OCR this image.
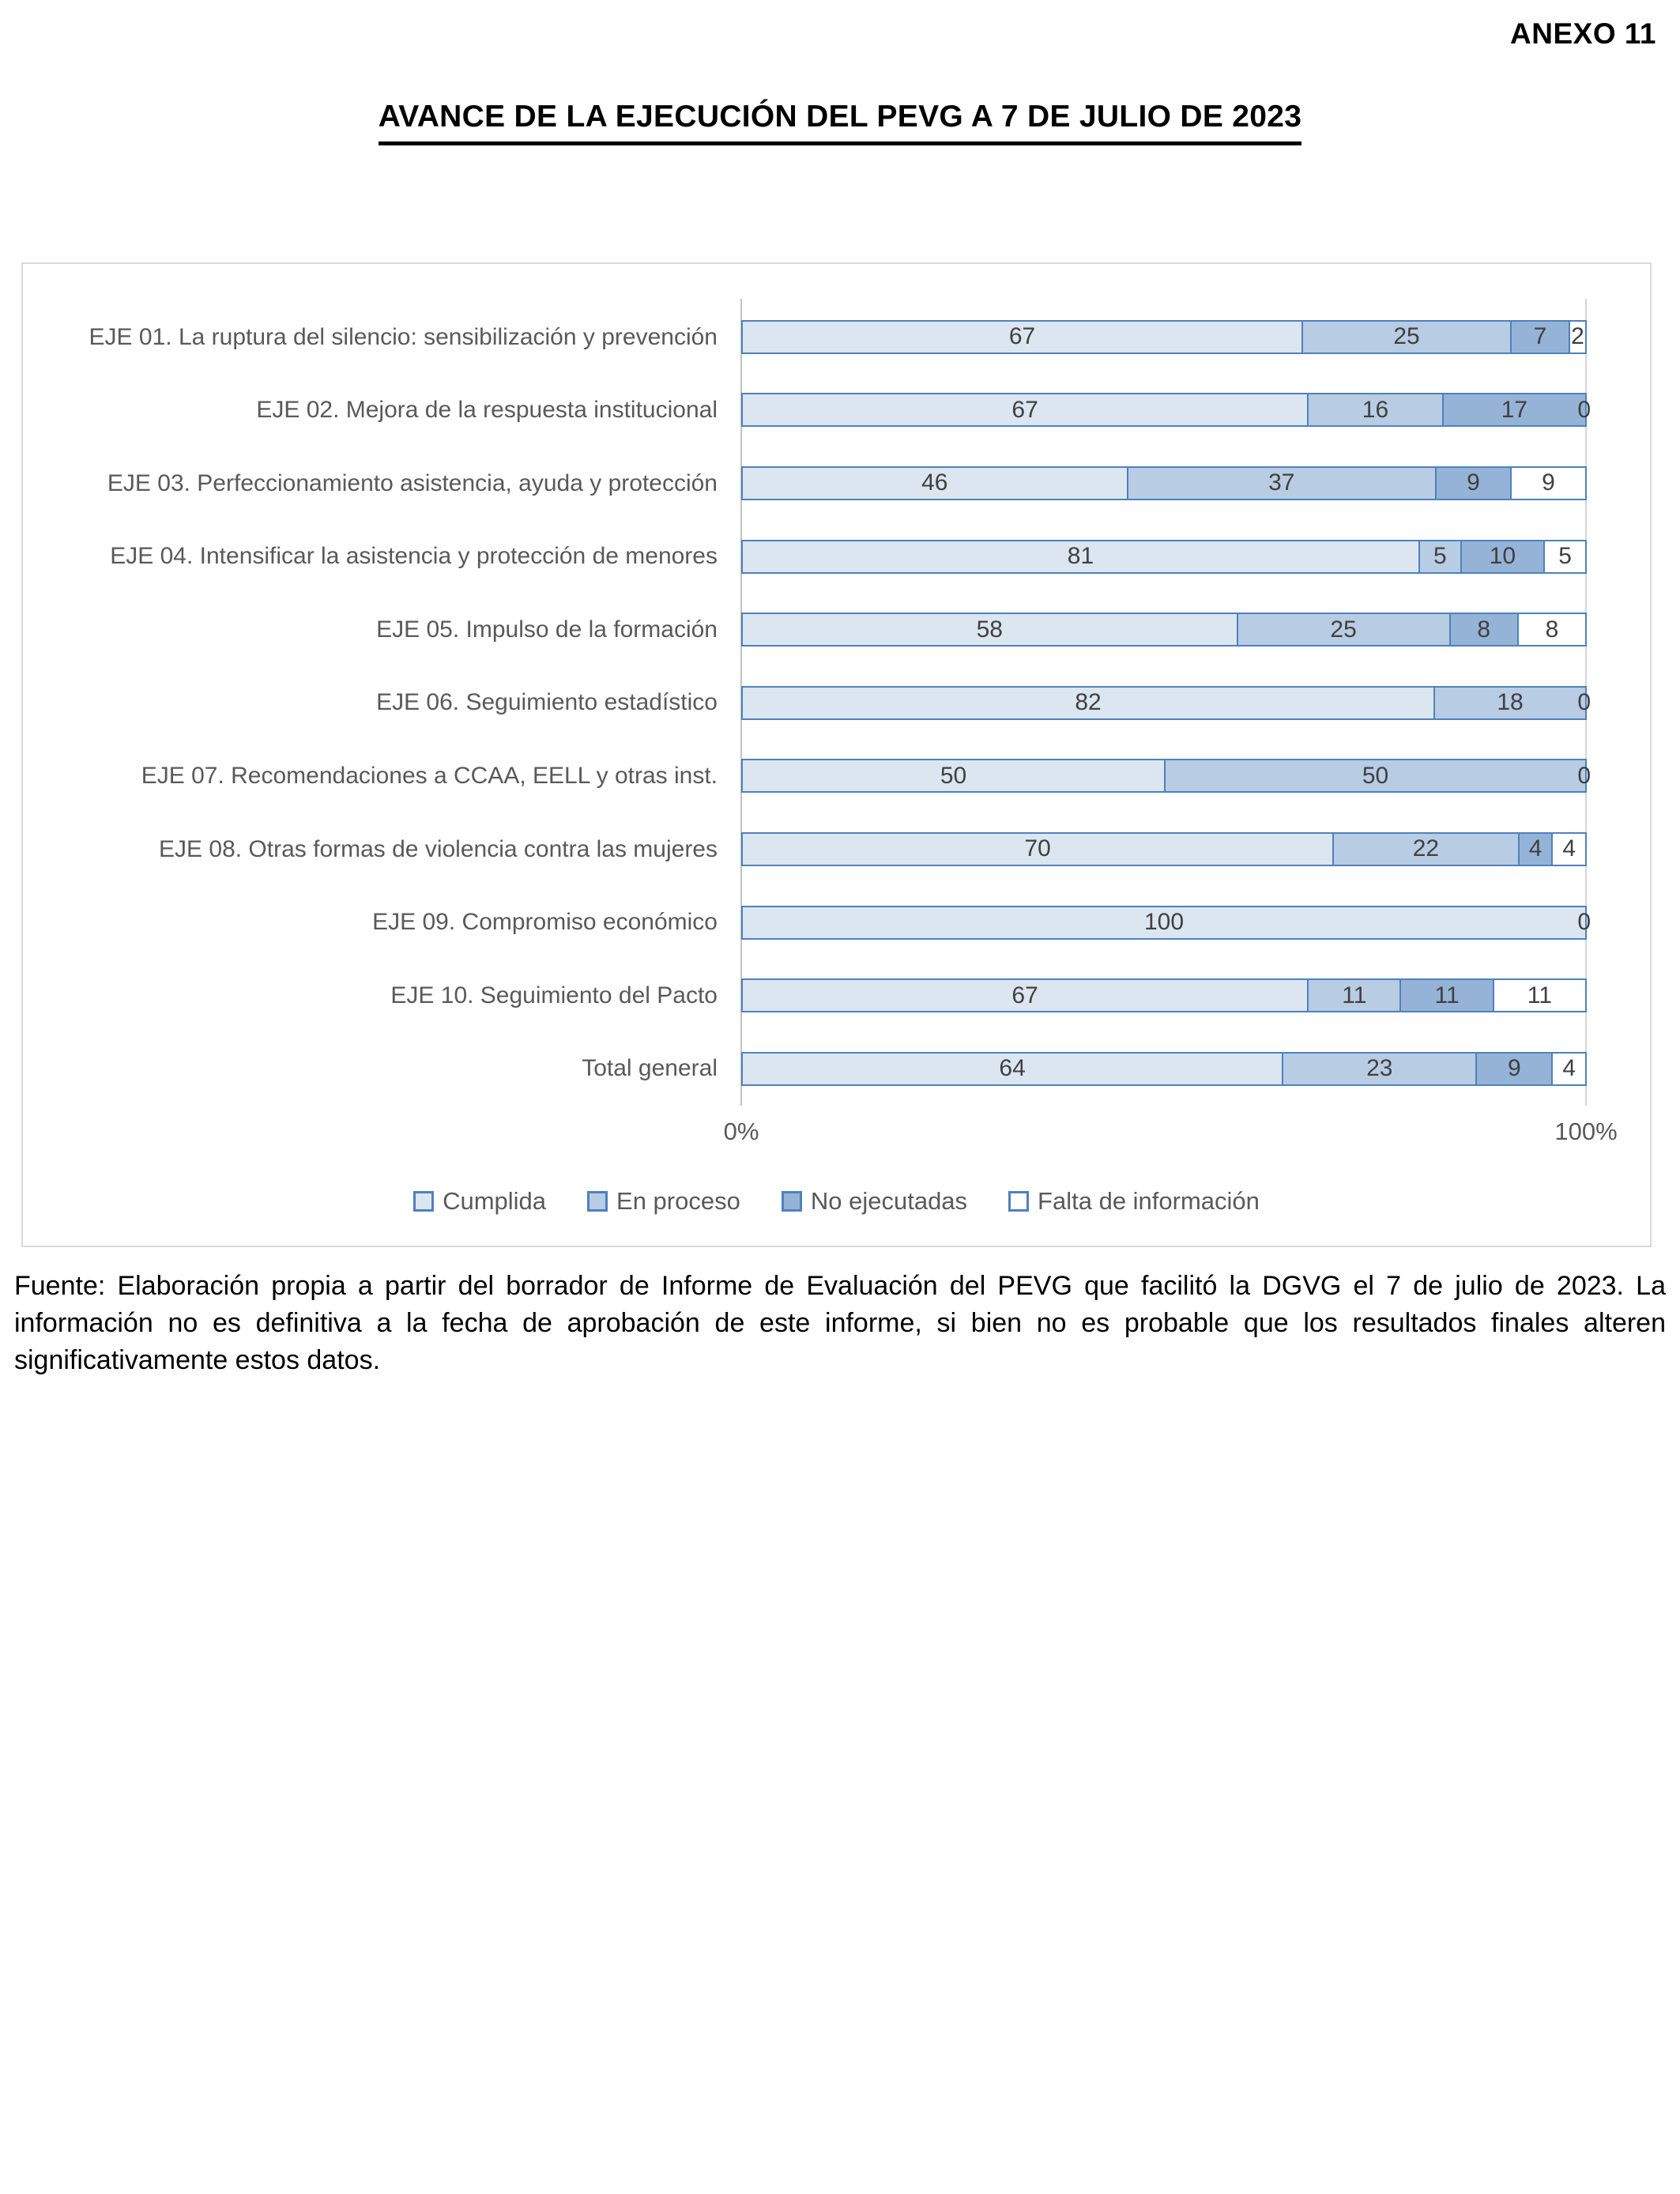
ANEXO 11
AVANCE DE LA EJECUCIÓN DEL PEVG A 7 DE JULIO DE 2023
EJE 01. La ruptura del silencio: sensibilización y prevención	67	25	7 2
EJE 02. Mejora de la respuesta institucional	67	16	17 0
EJE 03. Perfeccionamiento asistencia, ayuda y protección	46	37	9	9
EJE 04. Intensificar la asistencia y protección de menores	81	5 10 5
EJE 05. Impulso de la formación	58	25	8 8
EJE 06. Seguimiento estadístico	82	18 0
EJE 07. Recomendaciones a CCAA, EELL y otras inst.	50	50	0
EJE 08. Otras formas de violencia contra las mujeres	70	22	4 4
EJE 09. Compromiso económico	100	0
EJE 10. Seguimiento del Pacto	67	11	11	11
Total general	64	23	9 4
0%	100%
Cumplida	En proceso	No ejecutadas	Falta de información

Fuente: Elaboración propia a partir del borrador de Informe de Evaluación del PEVG que facilitó la DGVG el 7 de julio de 2023. La información no es definitiva a la fecha de aprobación de este informe, si bien no es probable que los resultados finales alteren significativamente estos datos.
